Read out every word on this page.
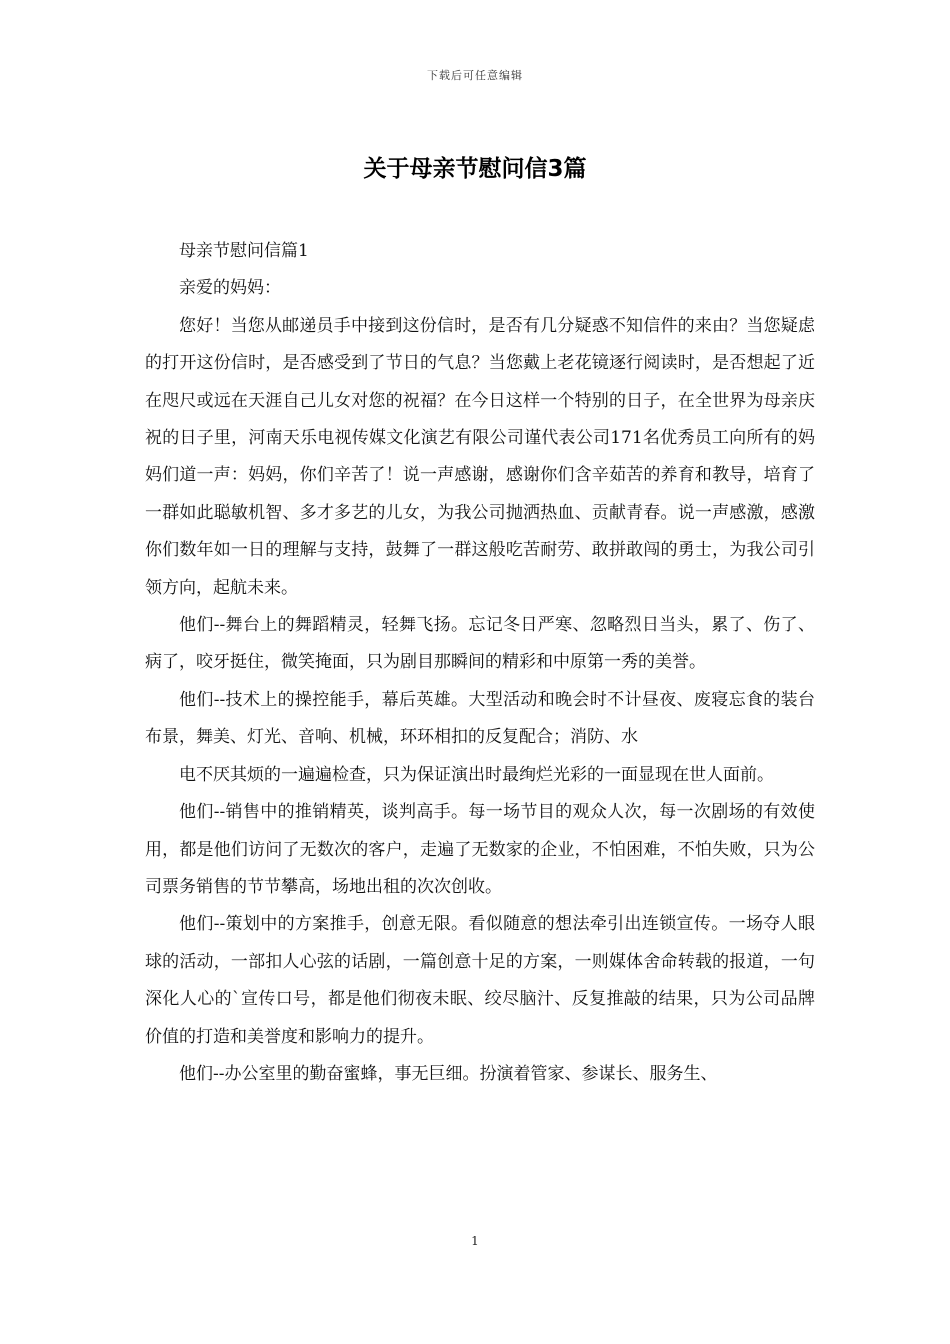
下载后可任意编辑
关于母亲节慰问信3篇

母亲节慰问信篇1

亲爱的妈妈：

您好！当您从邮递员手中接到这份信时，是否有几分疑惑不知信件的来由？当您疑虑的打开这份信时，是否感受到了节日的气息？当您戴上老花镜逐行阅读时，是否想起了近在咫尺或远在天涯自己儿女对您的祝福？在今日这样一个特别的日子，在全世界为母亲庆祝的日子里，河南天乐电视传媒文化演艺有限公司谨代表公司171名优秀员工向所有的妈妈们道一声：妈妈，你们辛苦了！说一声感谢，感谢你们含辛茹苦的养育和教导，培育了一群如此聪敏机智、多才多艺的儿女，为我公司抛洒热血、贡献青春。说一声感激，感激你们数年如一日的理解与支持，鼓舞了一群这般吃苦耐劳、敢拼敢闯的勇士，为我公司引领方向，起航未来。

他们--舞台上的舞蹈精灵，轻舞飞扬。忘记冬日严寒、忽略烈日当头，累了、伤了、病了，咬牙挺住，微笑掩面，只为剧目那瞬间的精彩和中原第一秀的美誉。

他们--技术上的操控能手，幕后英雄。大型活动和晚会时不计昼夜、废寝忘食的装台布景，舞美、灯光、音响、机械，环环相扣的反复配合；消防、水

电不厌其烦的一遍遍检查，只为保证演出时最绚烂光彩的一面显现在世人面前。

他们--销售中的推销精英，谈判高手。每一场节目的观众人次，每一次剧场的有效使用，都是他们访问了无数次的客户，走遍了无数家的企业，不怕困难，不怕失败，只为公司票务销售的节节攀高，场地出租的次次创收。

他们--策划中的方案推手，创意无限。看似随意的想法牵引出连锁宣传。一场夺人眼球的活动，一部扣人心弦的话剧，一篇创意十足的方案，一则媒体舍命转载的报道，一句深化人心的`宣传口号，都是他们彻夜未眠、绞尽脑汁、反复推敲的结果，只为公司品牌价值的打造和美誉度和影响力的提升。

他们--办公室里的勤奋蜜蜂，事无巨细。扮演着管家、参谋长、服务生、

1
